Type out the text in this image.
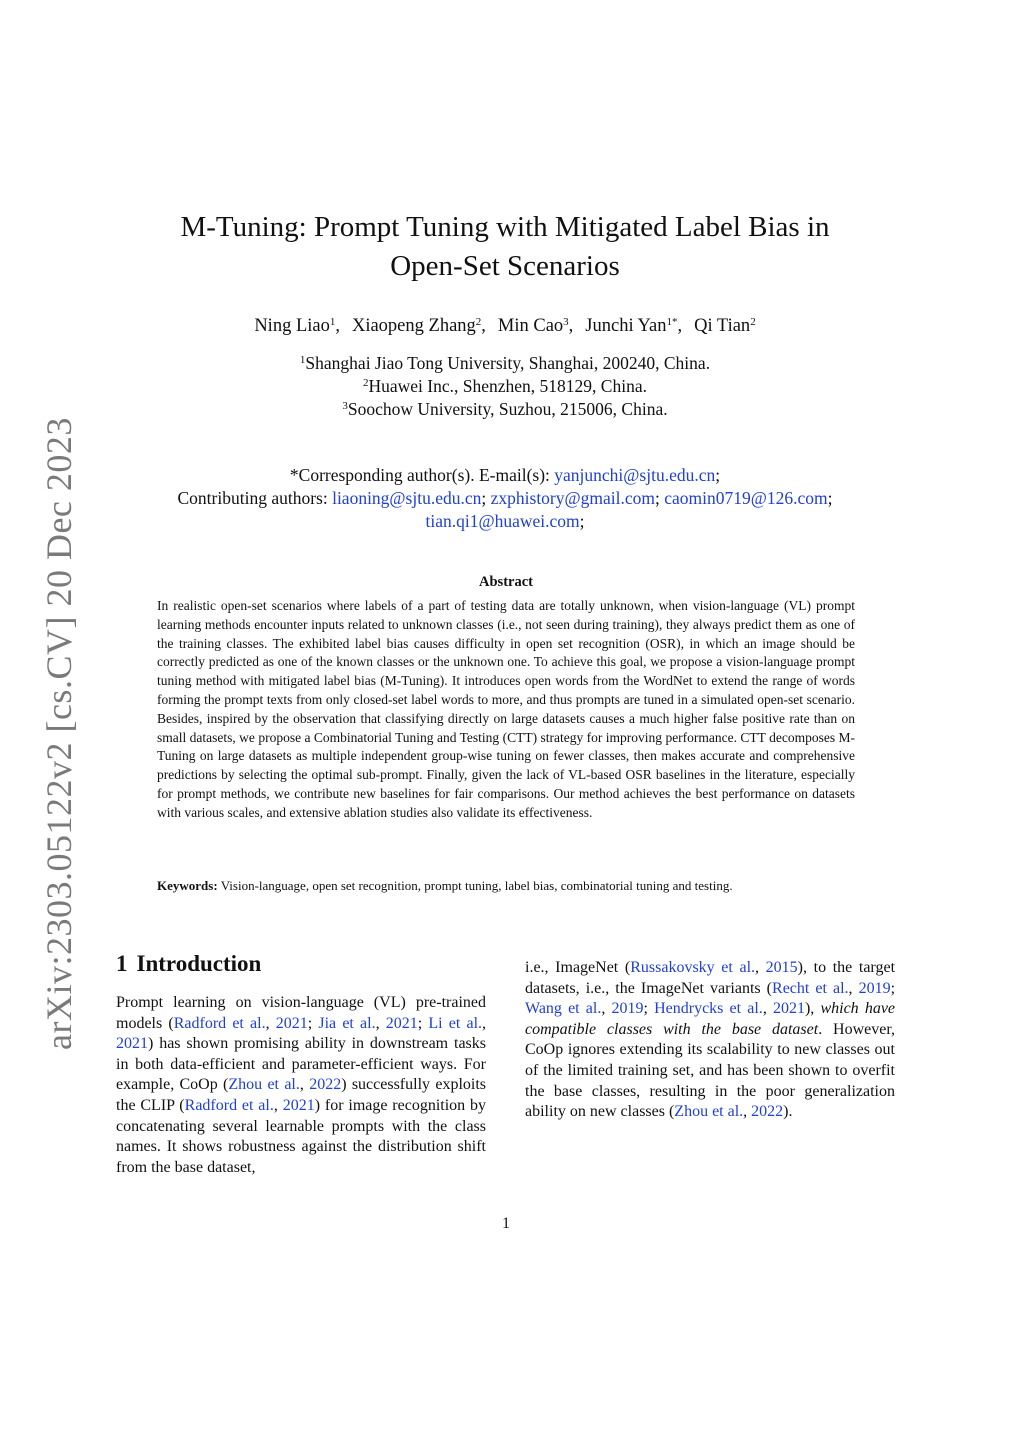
arXiv:2303.05122v2 [cs.CV] 20 Dec 2023
M-Tuning: Prompt Tuning with Mitigated Label Bias in Open-Set Scenarios
Ning Liao$^1$, Xiaopeng Zhang$^2$, Min Cao$^3$, Junchi Yan$^{1*}$, Qi Tian$^2$
$^1$Shanghai Jiao Tong University, Shanghai, 200240, China.
$^2$Huawei Inc., Shenzhen, 518129, China.
$^3$Soochow University, Suzhou, 215006, China.
*Corresponding author(s). E-mail(s): yanjunchi@sjtu.edu.cn;
Contributing authors: liaoning@sjtu.edu.cn; zxphistory@gmail.com; caomin0719@126.com;
tian.qi1@huawei.com;
Abstract
In realistic open-set scenarios where labels of a part of testing data are totally unknown, when vision-language (VL) prompt learning methods encounter inputs related to unknown classes (i.e., not seen during training), they always predict them as one of the training classes. The exhibited label bias causes difficulty in open set recognition (OSR), in which an image should be correctly predicted as one of the known classes or the unknown one. To achieve this goal, we propose a vision-language prompt tuning method with mitigated label bias (M-Tuning). It introduces open words from the WordNet to extend the range of words forming the prompt texts from only closed-set label words to more, and thus prompts are tuned in a simulated open-set scenario. Besides, inspired by the observation that classifying directly on large datasets causes a much higher false positive rate than on small datasets, we propose a Combinatorial Tuning and Testing (CTT) strategy for improving performance. CTT decomposes M-Tuning on large datasets as multiple independent group-wise tuning on fewer classes, then makes accurate and comprehensive predictions by selecting the optimal sub-prompt. Finally, given the lack of VL-based OSR baselines in the literature, especially for prompt methods, we contribute new baselines for fair comparisons. Our method achieves the best performance on datasets with various scales, and extensive ablation studies also validate its effectiveness.
Keywords: Vision-language, open set recognition, prompt tuning, label bias, combinatorial tuning and testing.
1 Introduction
Prompt learning on vision-language (VL) pre-trained models (Radford et al., 2021; Jia et al., 2021; Li et al., 2021) has shown promising ability in downstream tasks in both data-efficient and parameter-efficient ways. For example, CoOp (Zhou et al., 2022) successfully exploits the CLIP (Radford et al., 2021) for image recognition by concatenating several learnable prompts with the class names. It shows robustness against the distribution shift from the base dataset,
i.e., ImageNet (Russakovsky et al., 2015), to the target datasets, i.e., the ImageNet variants (Recht et al., 2019; Wang et al., 2019; Hendrycks et al., 2021), which have compatible classes with the base dataset. However, CoOp ignores extending its scalability to new classes out of the limited training set, and has been shown to overfit the base classes, resulting in the poor generalization ability on new classes (Zhou et al., 2022).
1
